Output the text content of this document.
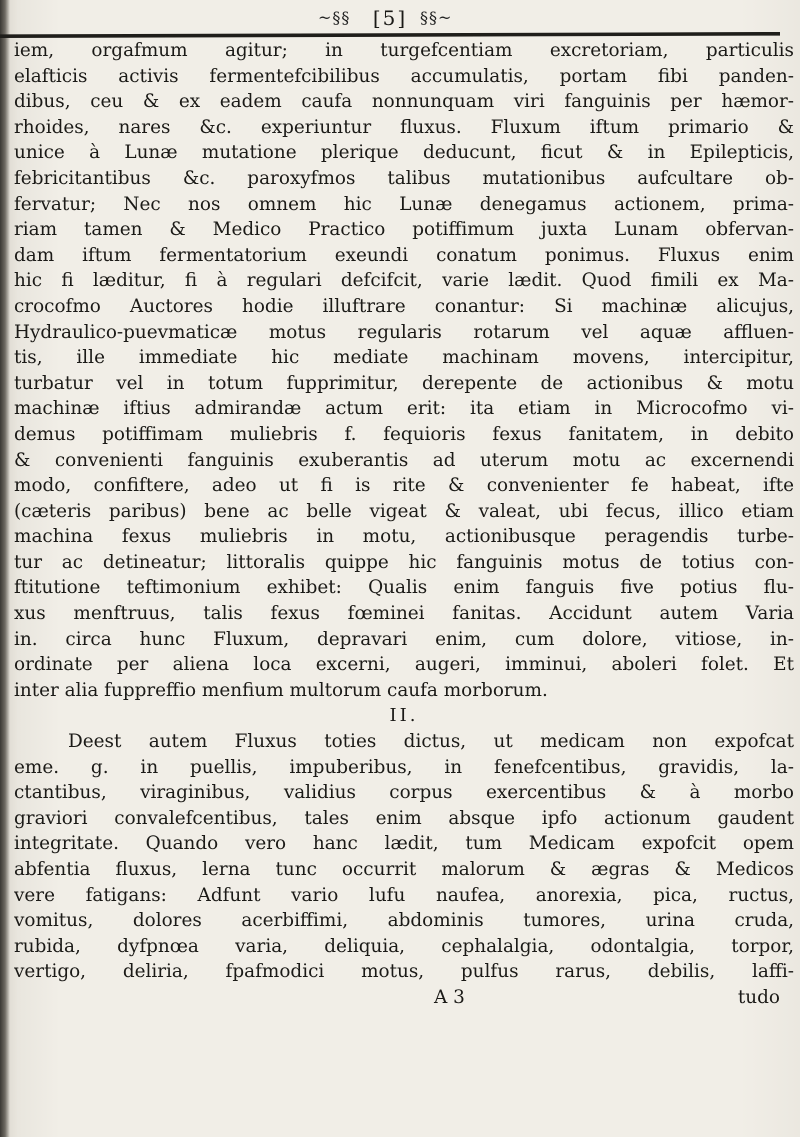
~§§	[5] §§~
iem, orgafmum agitur; in turgefcentiam excretoriam, particulis
elafticis activis fermentefcibilibus accumulatis, portam fibi panden-
dibus, ceu & ex eadem caufa nonnunquam viri fanguinis per hæmor-
rhoides, nares &c. experiuntur fluxus. Fluxum iftum primario &
unice à Lunæ mutatione plerique deducunt, ficut & in Epilepticis,
febricitantibus &c. paroxyfmos talibus mutationibus aufcultare ob-
fervatur; Nec nos omnem hic Lunæ denegamus actionem, prima-
riam tamen & Medico Practico potiffimum juxta Lunam obfervan-
dam iftum fermentatorium exeundi conatum ponimus. Fluxus enim
hic fi læditur, fi à regulari defcifcit, varie lædit. Quod fimili ex Ma-
crocofmo Auctores hodie illuftrare conantur: Si machinæ alicujus,
Hydraulico-puevmaticæ motus regularis rotarum vel aquæ affluen-
tis, ille immediate hic mediate machinam movens, intercipitur,
turbatur vel in totum fupprimitur, derepente de actionibus & motu
machinæ iftius admirandæ actum erit: ita etiam in Microcofmo vi-
demus potiffimam muliebris f. fequioris fexus fanitatem, in debito
& convenienti fanguinis exuberantis ad uterum motu ac excernendi
modo, confiftere, adeo ut fi is rite & convenienter fe habeat, ifte
(cæteris paribus) bene ac belle vigeat & valeat, ubi fecus, illico etiam
machina fexus muliebris in motu, actionibusque peragendis turbe-
tur ac detineatur; littoralis quippe hic fanguinis motus de totius con-
ftitutione teftimonium exhibet: Qualis enim fanguis five potius flu-
xus menftruus, talis fexus fœminei fanitas. Accidunt autem Varia
in. circa hunc Fluxum, depravari enim, cum dolore, vitiose, in-
ordinate per aliena loca excerni, augeri, imminui, aboleri folet. Et
inter alia fuppreffio menfium multorum caufa morborum.
II.
Deest autem Fluxus toties dictus, ut medicam non expofcat
eme. g. in puellis, impuberibus, in fenefcentibus, gravidis, la-
ctantibus, viraginibus, validius corpus exercentibus & à morbo
graviori convalefcentibus, tales enim absque ipfo actionum gaudent
integritate. Quando vero hanc lædit, tum Medicam expofcit opem
abfentia fluxus, lerna tunc occurrit malorum & ægras & Medicos
vere fatigans: Adfunt vario lufu naufea, anorexia, pica, ructus,
vomitus, dolores acerbiffimi, abdominis tumores, urina cruda,
rubida, dyfpnœa varia, deliquia, cephalalgia, odontalgia, torpor,
vertigo, deliria, fpafmodici motus, pulfus rarus, debilis, laffi-
A 3	tudo
